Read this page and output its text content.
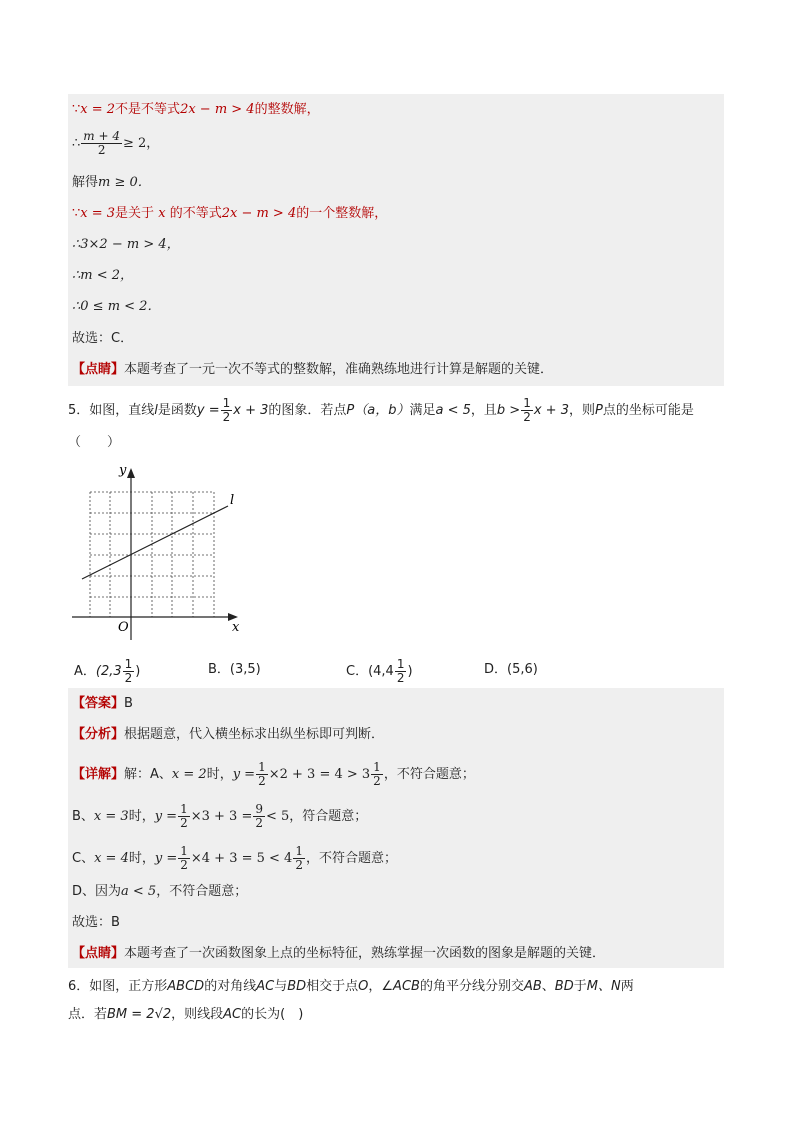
∵x = 2不是不等式2x − m > 4的整数解，
∴ $\frac{m + 4}{2} \ge 2$，
解得m ≥ 0．
∵x = 3是关于 x 的不等式2x − m > 4的一个整数解，
∴3×2 − m > 4，
∴m < 2，
∴0 ≤ m < 2．
故选：C．
【点睛】本题考查了一元一次不等式的整数解，准确熟练地进行计算是解题的关键．
5．如图，直线l是函数$y = \frac{1}{2}$ x + 3的图象．若点P（a，b）满足a < 5，且$b > \frac{1}{2}$ x + 3，则P点的坐标可能是
（　　）
y
x
O
l
A．($2,3 \frac{1}{2}$ )	B．(3,5)	C．($4,4 \frac{1}{2}$ )	D．(5,6)
【答案】B
【分析】根据题意，代入横坐标求出纵坐标即可判断．
【详解】解：A、x = 2时，$y = \frac{1}{2} \times 2 + 3 = 4 > 3 \frac{1}{2}$ ，不符合题意；
B、x = 3时，$y = \frac{1}{2} \times 3 + 3 = \frac{9}{2} < 5$，符合题意；
C、x = 4时，$y = \frac{1}{2} \times 4 + 3 = 5 < 4 \frac{1}{2}$ ，不符合题意；
D、因为a < 5，不符合题意；
故选：B
【点睛】本题考查了一次函数图象上点的坐标特征，熟练掌握一次函数的图象是解题的关键．
6．如图，正方形ABCD的对角线AC与BD相交于点O，∠ACB的角平分线分别交AB、BD于M、N两
点．若BM = 2√2，则线段AC的长为(　)
